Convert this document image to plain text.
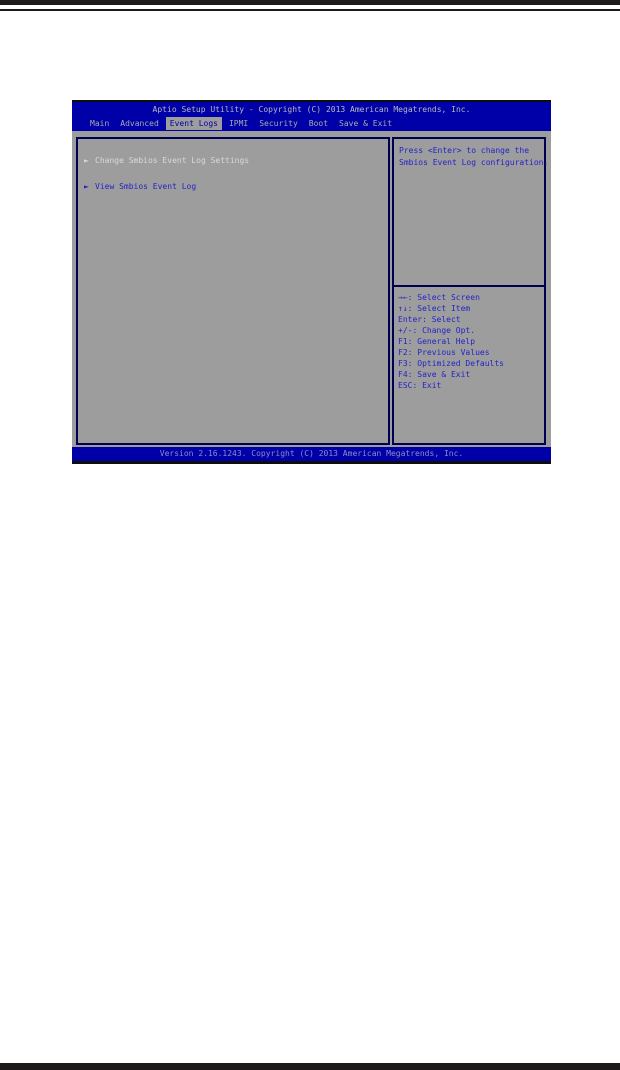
Aptio Setup Utility - Copyright (C) 2013 American Megatrends, Inc.
Main Advanced Event Logs IPMI Security Boot Save & Exit
► Change Smbios Event Log Settings
► View Smbios Event Log
Press <Enter> to change the
Smbios Event Log configuration.
→←: Select Screen
↑↓: Select Item
Enter: Select
+/-: Change Opt.
F1: General Help
F2: Previous Values
F3: Optimized Defaults
F4: Save & Exit
ESC: Exit
Version 2.16.1243. Copyright (C) 2013 American Megatrends, Inc.
